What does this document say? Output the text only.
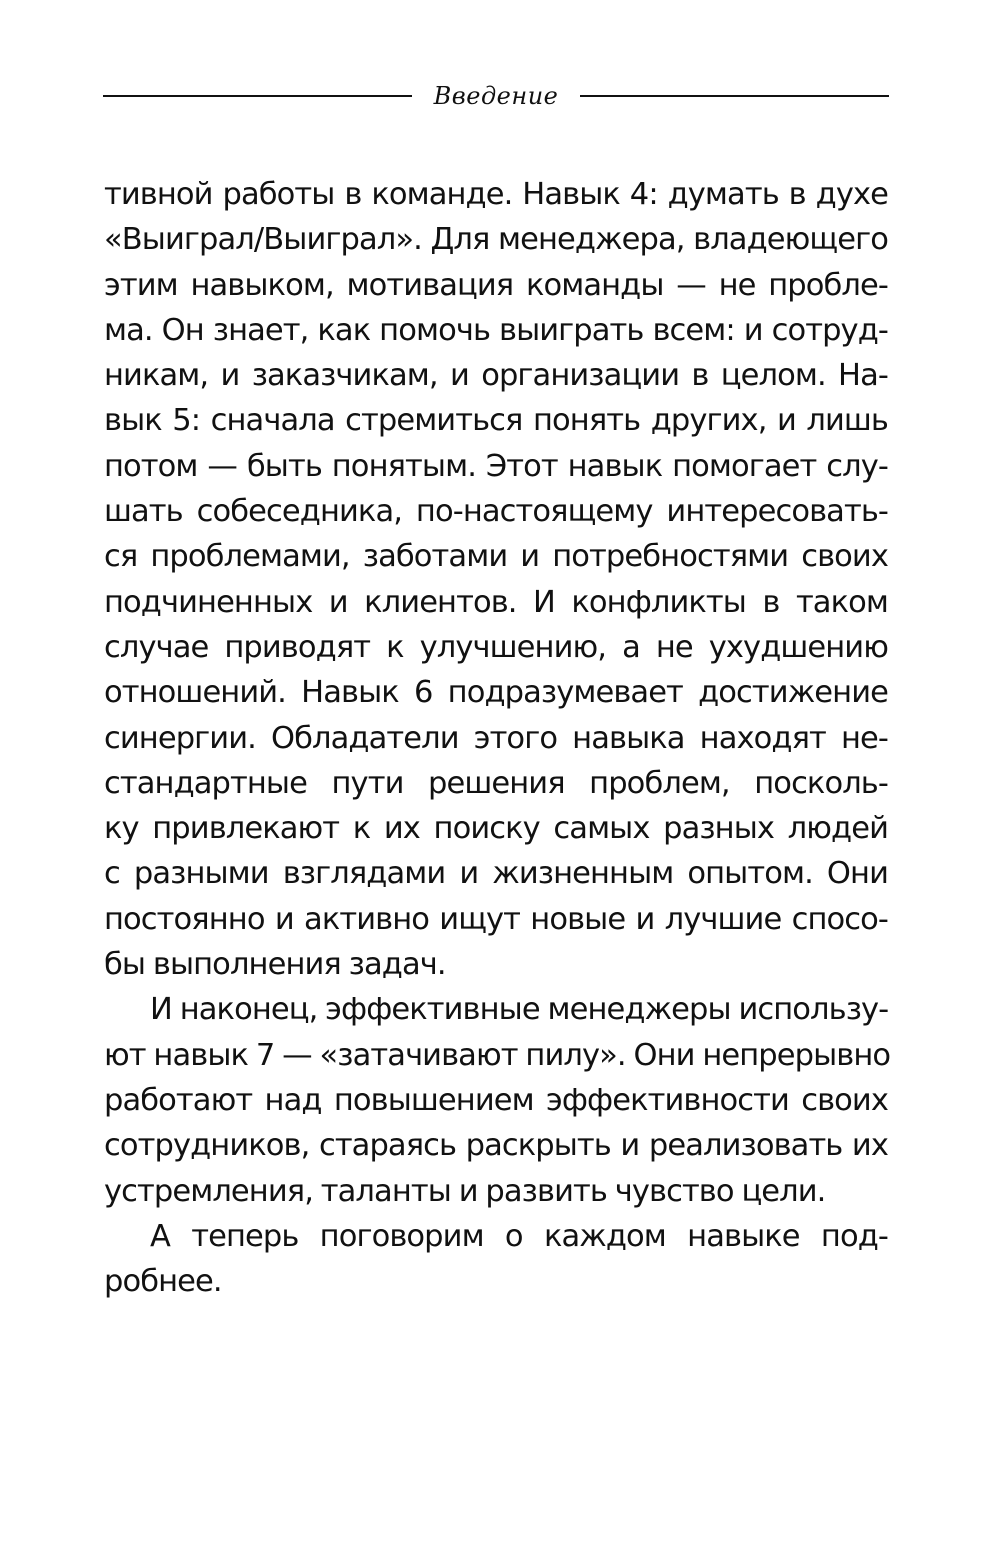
Введение
тивной работы в команде. Навык 4: думать в духе
«Выиграл/Выиграл». Для менеджера, владеющего
этим навыком, мотивация команды — не пробле-
ма. Он знает, как помочь выиграть всем: и сотруд-
никам, и заказчикам, и организации в целом. На-
вык 5: сначала стремиться понять других, и лишь
потом — быть понятым. Этот навык помогает слу-
шать собеседника, по-настоящему интересовать-
ся проблемами, заботами и потребностями своих
подчиненных и клиентов. И конфликты в таком
случае приводят к улучшению, а не ухудшению
отношений. Навык 6 подразумевает достижение
синергии. Обладатели этого навыка находят не-
стандартные пути решения проблем, посколь-
ку привлекают к их поиску самых разных людей
с разными взглядами и жизненным опытом. Они
постоянно и активно ищут новые и лучшие спосо-
бы выполнения задач.
И наконец, эффективные менеджеры использу-
ют навык 7 — «затачивают пилу». Они непрерывно
работают над повышением эффективности своих
сотрудников, стараясь раскрыть и реализовать их
устремления, таланты и развить чувство цели.
А теперь поговорим о каждом навыке под-
робнее.
